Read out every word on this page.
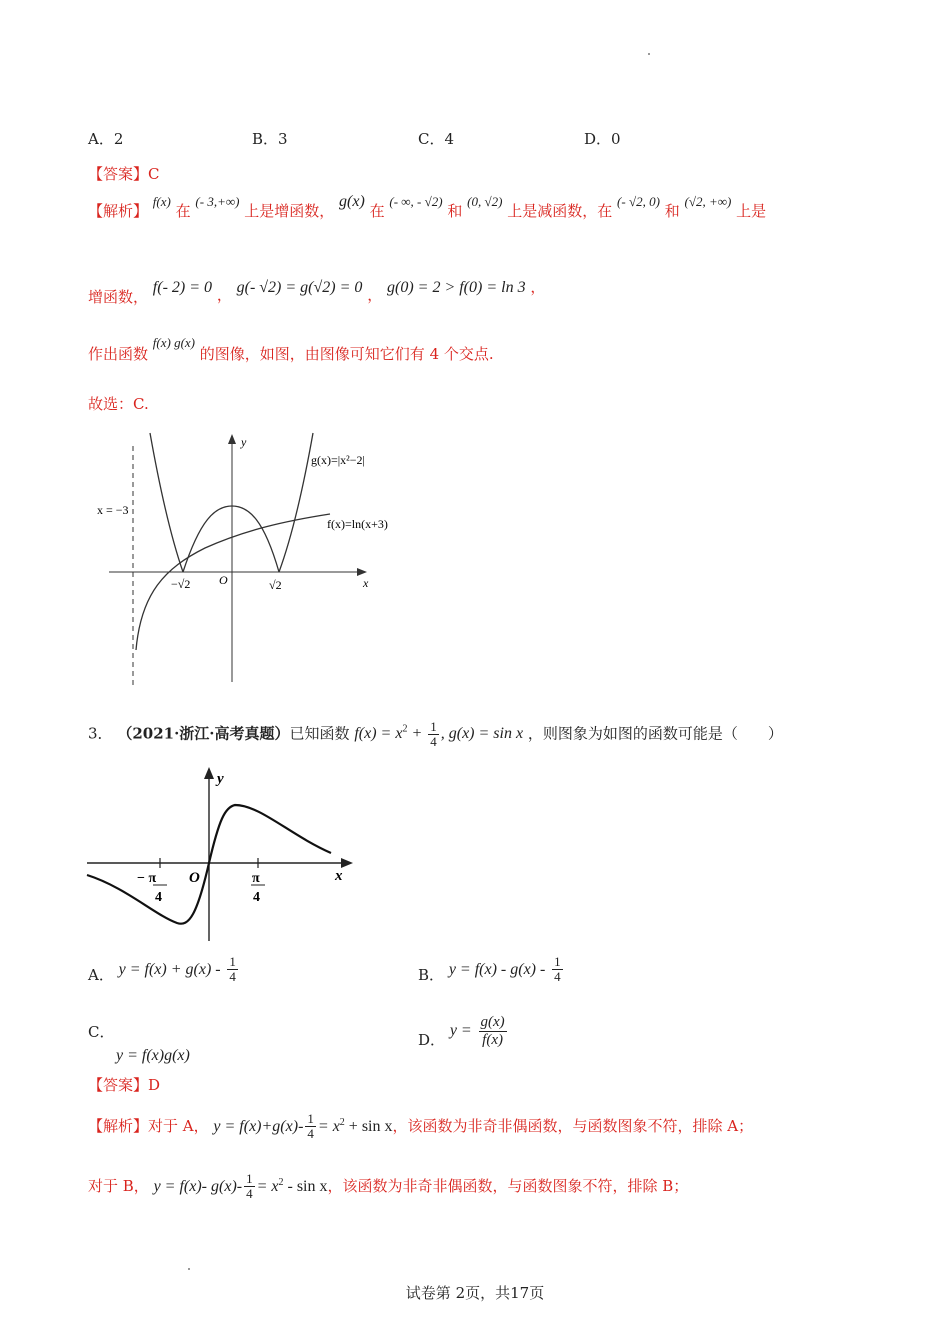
A．2	B．3	C．4	D．0
【答案】C
【解析】 f(x) 在 (- 3,+∞) 上是增函数， g(x) 在 (- ∞, - √2) 和 (0, √2) 上是减函数，在 (- √2, 0) 和 (√2, +∞) 上是
增函数， f(- 2) = 0 ， g(- √2) = g(√2) = 0 ， g(0) = 2 > f(0) = ln 3 ，
作出函数 f(x) g(x) 的图像，如图，由图像可知它们有 4 个交点.
故选：C.
y
x
O
x = −3
g(x)=|x²−2|
f(x)=ln(x+3)
−√2	√2
3． （2021·浙江·高考真题）已知函数 $f(x) = x^2 + \frac{1}{4}$ , g(x) = sin x ，则图象为如图的函数可能是（　　）
y
x
O
− π
4
π
4
A． $y = f(x) + g(x) - \frac{1}{4}$	B． $y = f(x) - g(x) - \frac{1}{4}$
C．
y = f(x)g(x)
D． $y = \frac{g(x)}{f(x)}$
【答案】D
【解析】对于 A， $y = f(x)+g(x)- \frac{1}{4} = x^2 + \sin x$，该函数为非奇非偶函数，与函数图象不符，排除 A；
对于 B， y = f(x)- $g(x)- \frac{1}{4} = x^2 - \sin x$，该函数为非奇非偶函数，与函数图象不符，排除 B；
试卷第 2页，共17页
